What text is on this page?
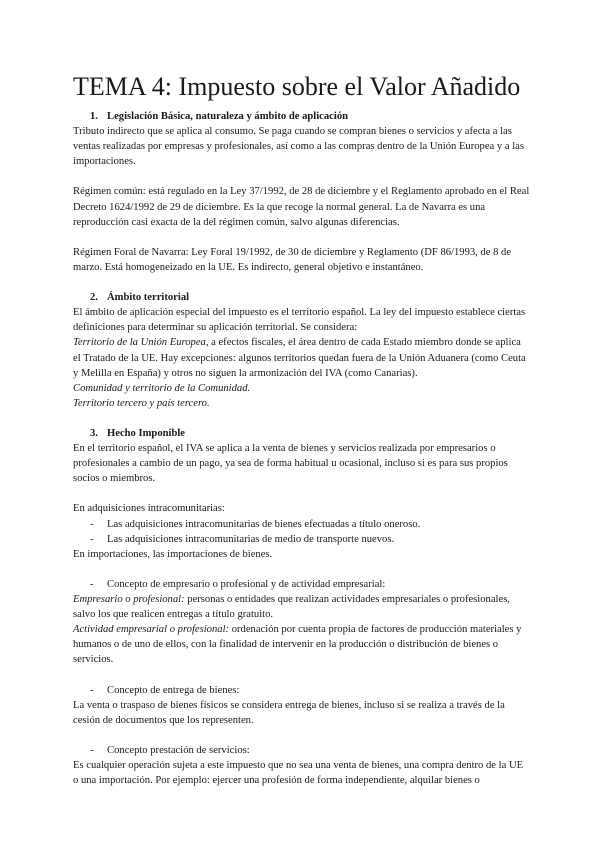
TEMA 4: Impuesto sobre el Valor Añadido
1. Legislación Básica, naturaleza y ámbito de aplicación

Tributo indirecto que se aplica al consumo. Se paga cuando se compran bienes o servicios y afecta a las ventas realizadas por empresas y profesionales, así como a las compras dentro de la Unión Europea y a las importaciones.

Régimen común: está regulado en la Ley 37/1992, de 28 de diciembre y el Reglamento aprobado en el Real Decreto 1624/1992 de 29 de diciembre. Es la que recoge la normal general. La de Navarra es una reproducción casi exacta de la del régimen común, salvo algunas diferencias.

Régimen Foral de Navarra: Ley Foral 19/1992, de 30 de diciembre y Reglamento (DF 86/1993, de 8 de marzo. Está homogeneizado en la UE. Es indirecto, general objetivo e instantáneo.

2. Ámbito territorial

El ámbito de aplicación especial del impuesto es el territorio español. La ley del impuesto establece ciertas definiciones para determinar su aplicación territorial. Se considera:

Territorio de la Unión Europea, a efectos fiscales, el área dentro de cada Estado miembro donde se aplica el Tratado de la UE. Hay excepciones: algunos territorios quedan fuera de la Unión Aduanera (como Ceuta y Melilla en España) y otros no siguen la armonización del IVA (como Canarias).

Comunidad y territorio de la Comunidad.

Territorio tercero y país tercero.

3. Hecho Imponible

En el territorio español, el IVA se aplica a la venta de bienes y servicios realizada por empresarios o profesionales a cambio de un pago, ya sea de forma habitual u ocasional, incluso si es para sus propios socios o miembros.

En adquisiciones intracomunitarias:

-	Las adquisiciones intracomunitarias de bienes efectuadas a título oneroso.
-	Las adquisiciones intracomunitarias de medio de transporte nuevos.

En importaciones, las importaciones de bienes.

-	Concepto de empresario o profesional y de actividad empresarial:

Empresario o profesional: personas o entidades que realizan actividades empresariales o profesionales, salvo los que realicen entregas a título gratuito.

Actividad empresarial o profesional: ordenación por cuenta propia de factores de producción materiales y humanos o de uno de ellos, con la finalidad de intervenir en la producción o distribución de bienes o servicios.

-	Concepto de entrega de bienes:

La venta o traspaso de bienes físicos se considera entrega de bienes, incluso si se realiza a través de la cesión de documentos que los representen.

-	Concepto prestación de servicios:

Es cualquier operación sujeta a este impuesto que no sea una venta de bienes, una compra dentro de la UE o una importación. Por ejemplo: ejercer una profesión de forma independiente, alquilar bienes o
